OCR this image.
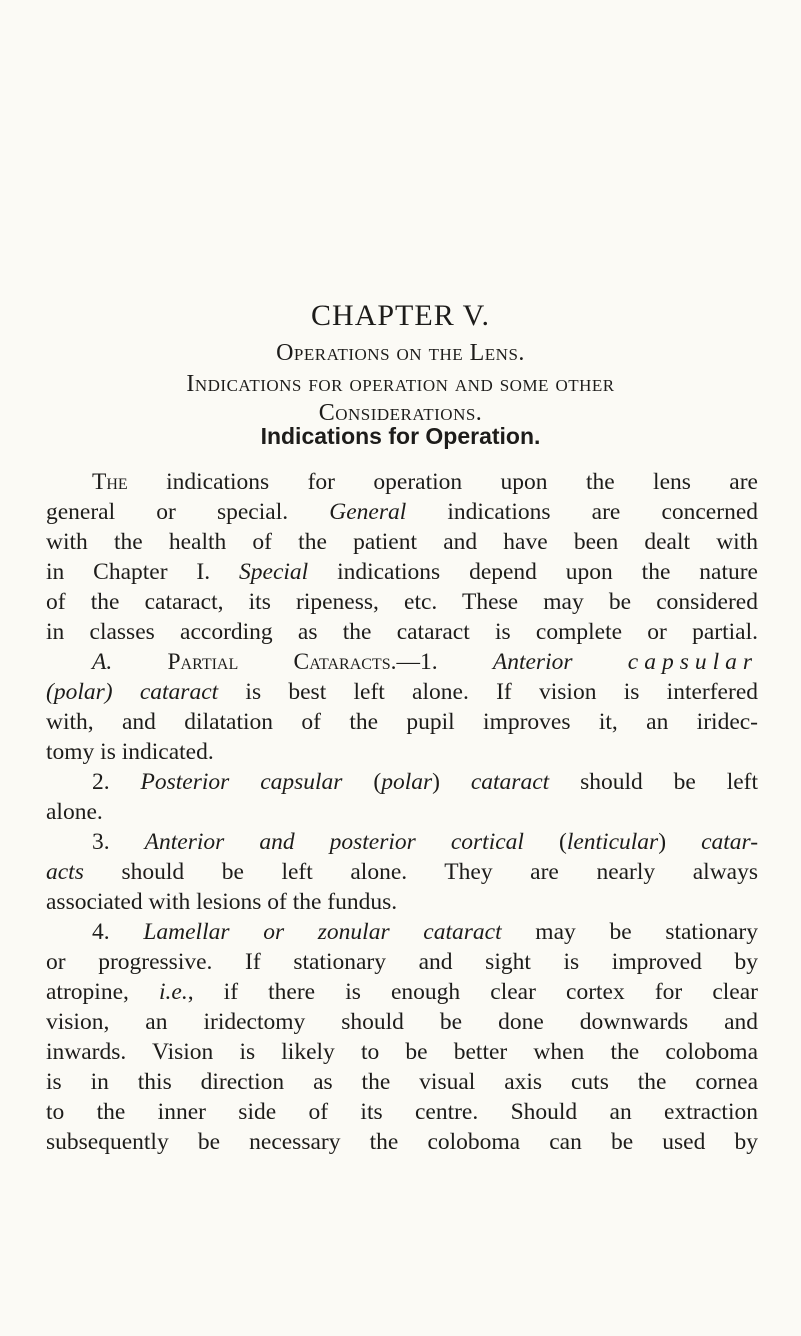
CHAPTER V.
Operations on the Lens.
Indications for operation and some other
Considerations.
Indications for Operation.
The indications for operation upon the lens are
general or special. General indications are concerned
with the health of the patient and have been dealt with
in Chapter I. Special indications depend upon the nature
of the cataract, its ripeness, etc. These may be considered
in classes according as the cataract is complete or partial.
A. Partial Cataracts.—1. Anterior capsular
(polar) cataract is best left alone. If vision is interfered
with, and dilatation of the pupil improves it, an iridec-
tomy is indicated.
2. Posterior capsular (polar) cataract should be left
alone.
3. Anterior and posterior cortical (lenticular) catar-
acts should be left alone. They are nearly always
associated with lesions of the fundus.
4. Lamellar or zonular cataract may be stationary
or progressive. If stationary and sight is improved by
atropine, i.e., if there is enough clear cortex for clear
vision, an iridectomy should be done downwards and
inwards. Vision is likely to be better when the coloboma
is in this direction as the visual axis cuts the cornea
to the inner side of its centre. Should an extraction
subsequently be necessary the coloboma can be used by
